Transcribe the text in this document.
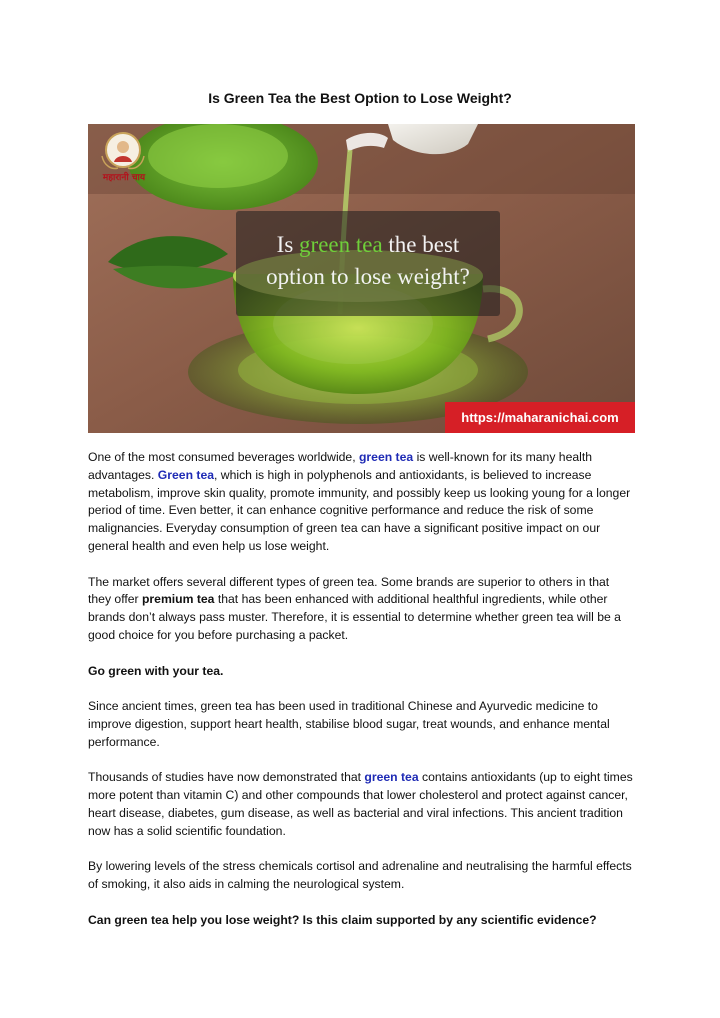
Is Green Tea the Best Option to Lose Weight?
महारानी चाय
Is green tea the best
option to lose weight?
https://maharanichai.com

One of the most consumed beverages worldwide, green tea is well-known for its many health advantages. Green tea, which is high in polyphenols and antioxidants, is believed to increase metabolism, improve skin quality, promote immunity, and possibly keep us looking young for a longer period of time. Even better, it can enhance cognitive performance and reduce the risk of some malignancies. Everyday consumption of green tea can have a significant positive impact on our general health and even help us lose weight.

The market offers several different types of green tea. Some brands are superior to others in that they offer premium tea that has been enhanced with additional healthful ingredients, while other brands don’t always pass muster. Therefore, it is essential to determine whether green tea will be a good choice for you before purchasing a packet.

Go green with your tea.

Since ancient times, green tea has been used in traditional Chinese and Ayurvedic medicine to improve digestion, support heart health, stabilise blood sugar, treat wounds, and enhance mental performance.

Thousands of studies have now demonstrated that green tea contains antioxidants (up to eight times more potent than vitamin C) and other compounds that lower cholesterol and protect against cancer, heart disease, diabetes, gum disease, as well as bacterial and viral infections. This ancient tradition now has a solid scientific foundation.

By lowering levels of the stress chemicals cortisol and adrenaline and neutralising the harmful effects of smoking, it also aids in calming the neurological system.

Can green tea help you lose weight? Is this claim supported by any scientific evidence?
